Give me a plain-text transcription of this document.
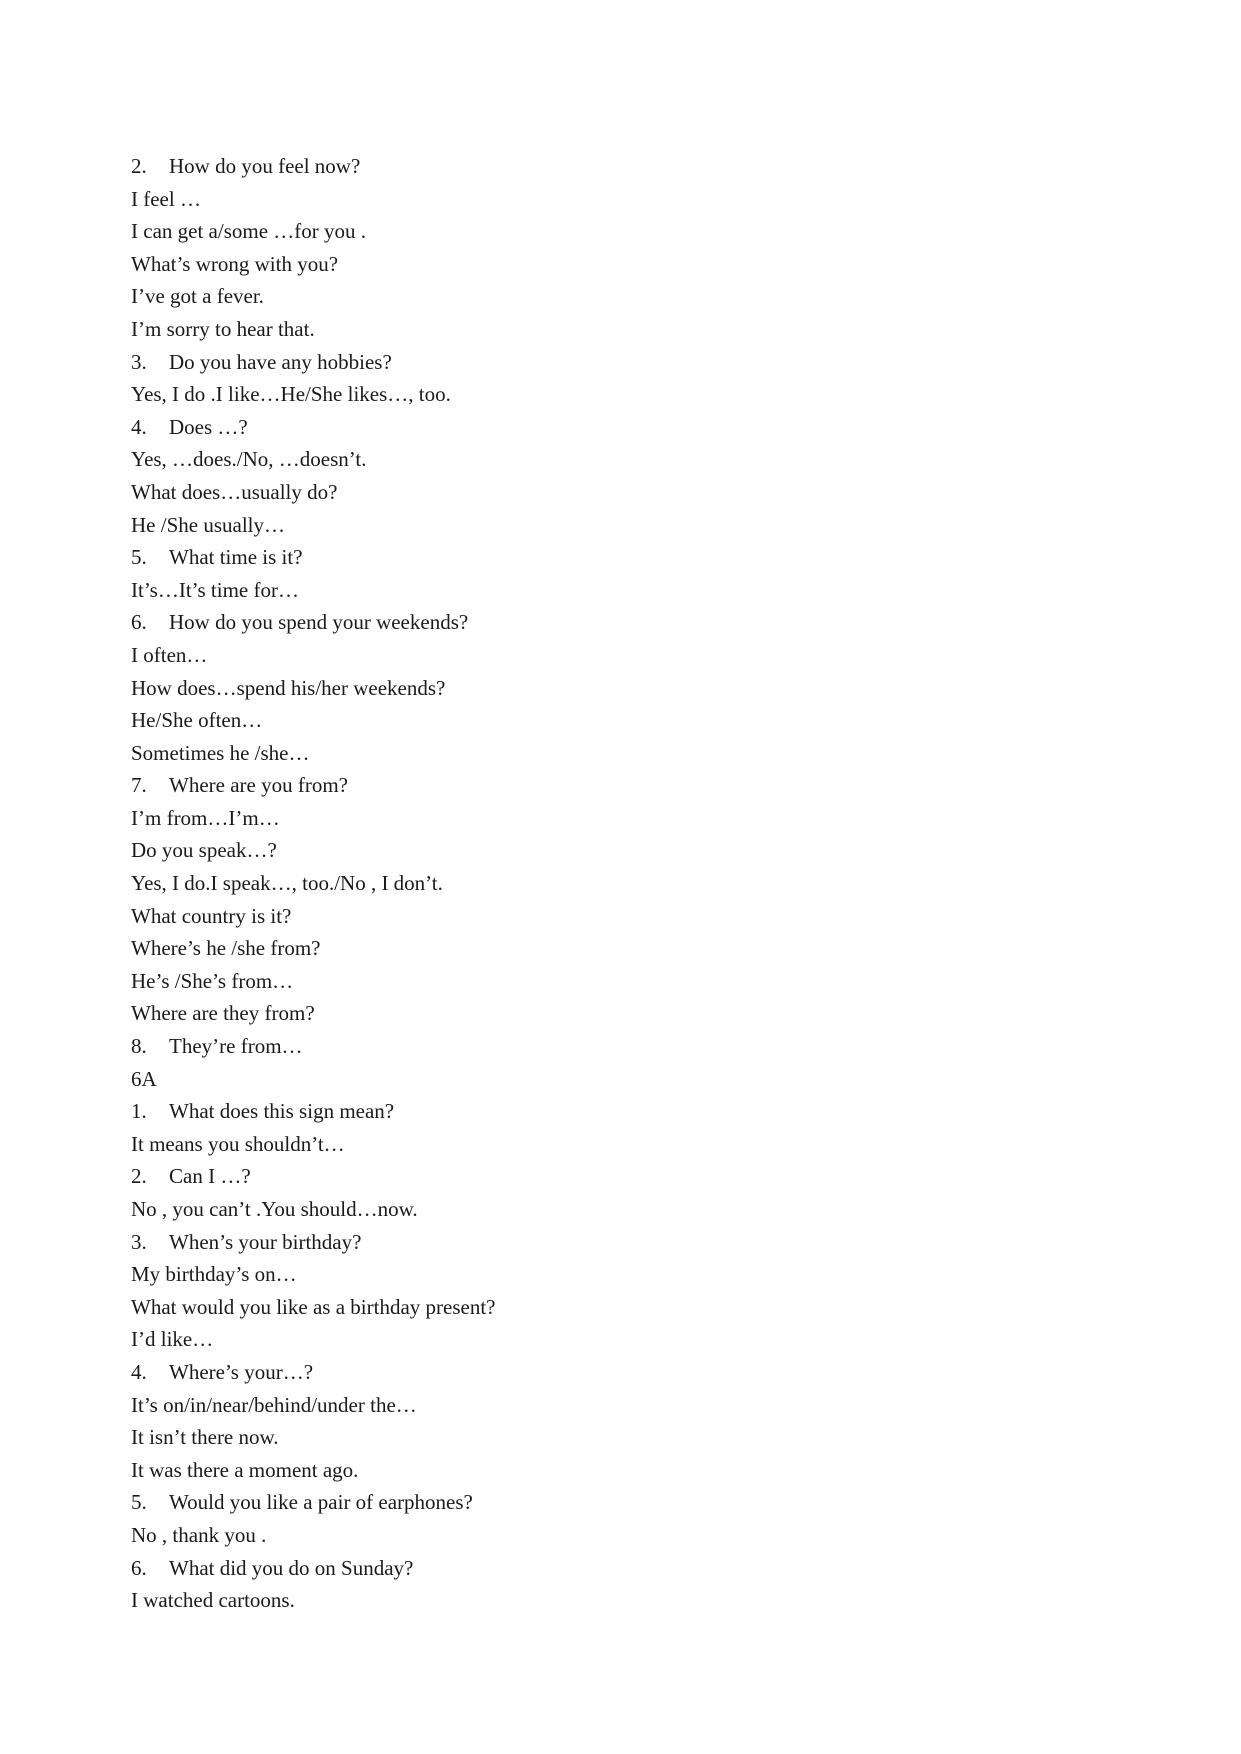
2. How do you feel now?
I feel …
I can get a/some …for you .
What’s wrong with you?
I’ve got a fever.
I’m sorry to hear that.
3. Do you have any hobbies?
Yes, I do .I like…He/She likes…, too.
4. Does …?
Yes, …does./No, …doesn’t.
What does…usually do?
He /She usually…
5. What time is it?
It’s…It’s time for…
6. How do you spend your weekends?
I often…
How does…spend his/her weekends?
He/She often…
Sometimes he /she…
7. Where are you from?
I’m from…I’m…
Do you speak…?
Yes, I do.I speak…, too./No , I don’t.
What country is it?
Where’s he /she from?
He’s /She’s from…
Where are they from?
8. They’re from…
6A
1. What does this sign mean?
It means you shouldn’t…
2. Can I …?
No , you can’t .You should…now.
3. When’s your birthday?
My birthday’s on…
What would you like as a birthday present?
I’d like…
4. Where’s your…?
It’s on/in/near/behind/under the…
It isn’t there now.
It was there a moment ago.
5. Would you like a pair of earphones?
No , thank you .
6. What did you do on Sunday?
I watched cartoons.
